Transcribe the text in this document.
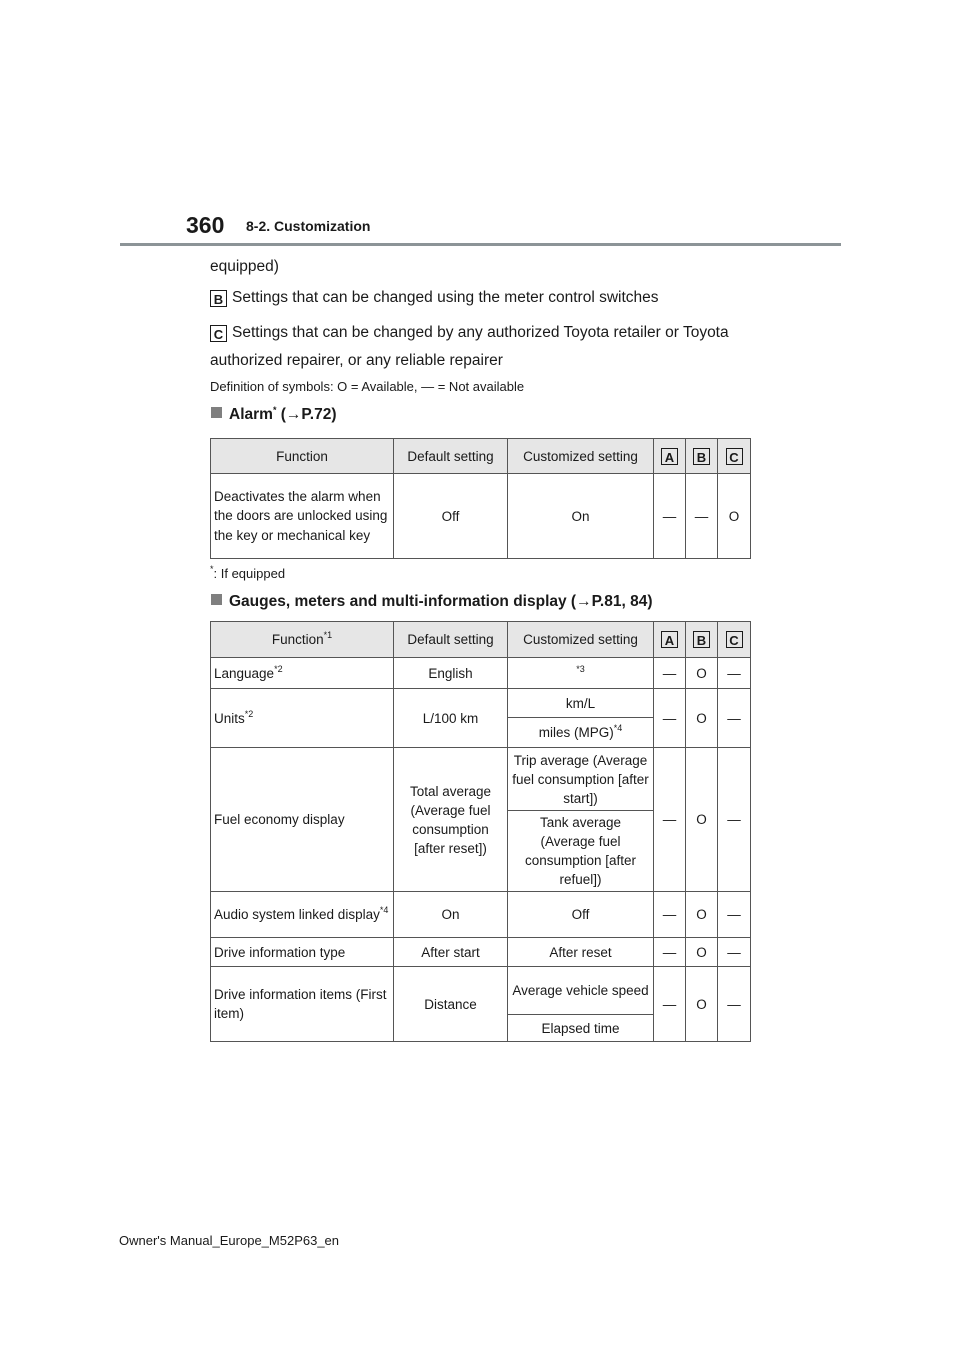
360 8-2. Customization
equipped)
B Settings that can be changed using the meter control switches
C Settings that can be changed by any authorized Toyota retailer or Toyota
authorized repairer, or any reliable repairer
Definition of symbols: O = Available, — = Not available
Alarm* (→P.72)
Function	Default setting	Customized setting	A	B	C
Deactivates the alarm when the doors are unlocked using the key or mechanical key	Off	On	—	—	O
*: If equipped
Gauges, meters and multi-information display (→P.81, 84)
Function$^{*1}$	Default setting	Customized setting	A	B	C
Language$^{*2}$	English	$^{*3}$	—	O	—
Units$^{*2}$	L/100 km	km/L	—	O	—
		miles (MPG)$^{*4}$
Fuel economy display	Total average (Average fuel consumption [after reset])	Trip average (Average fuel consumption [after start])	—	O	—
		Tank average (Average fuel consumption [after refuel])			
Audio system linked display$^{*4}$	On	Off	—	O	—
Drive information type	After start	After reset	—	O	—
Drive information items (First item)	Distance	Average vehicle speed	—	O	—
		Elapsed time			
Owner's Manual_Europe_M52P63_en
